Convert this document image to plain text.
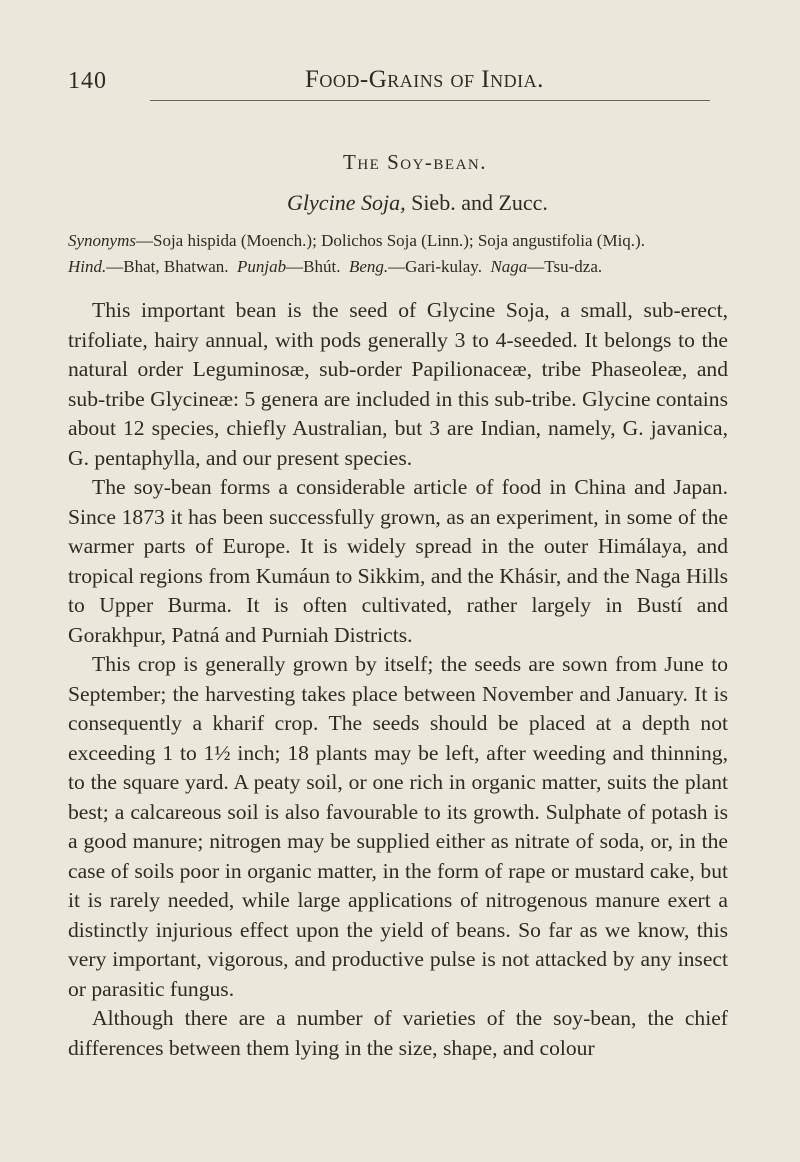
140	Food-Grains of India.
The Soy-bean.
Glycine Soja, Sieb. and Zucc.
Synonyms—Soja hispida (Moench.); Dolichos Soja (Linn.); Soja angustifolia (Miq.).
Hind.—Bhat, Bhatwan. Punjab—Bhút. Beng.—Gari-kulay. Naga—Tsu-dza.

This important bean is the seed of Glycine Soja, a small, sub-erect, trifoliate, hairy annual, with pods generally 3 to 4-seeded. It belongs to the natural order Leguminosæ, sub-order Papilionaceæ, tribe Phaseoleæ, and sub-tribe Glycineæ: 5 genera are included in this sub-tribe. Glycine contains about 12 species, chiefly Australian, but 3 are Indian, namely, G. javanica, G. pentaphylla, and our present species.

The soy-bean forms a considerable article of food in China and Japan. Since 1873 it has been successfully grown, as an experiment, in some of the warmer parts of Europe. It is widely spread in the outer Himálaya, and tropical regions from Kumáun to Sikkim, and the Khásir, and the Naga Hills to Upper Burma. It is often cultivated, rather largely in Bustí and Gorakhpur, Patná and Purniah Districts.

This crop is generally grown by itself; the seeds are sown from June to September; the harvesting takes place between November and January. It is consequently a kharif crop. The seeds should be placed at a depth not exceeding 1 to 1½ inch; 18 plants may be left, after weeding and thinning, to the square yard. A peaty soil, or one rich in organic matter, suits the plant best; a calcareous soil is also favourable to its growth. Sulphate of potash is a good manure; nitrogen may be supplied either as nitrate of soda, or, in the case of soils poor in organic matter, in the form of rape or mustard cake, but it is rarely needed, while large applications of nitrogenous manure exert a distinctly injurious effect upon the yield of beans. So far as we know, this very important, vigorous, and productive pulse is not attacked by any insect or parasitic fungus.

Although there are a number of varieties of the soy-bean, the chief differences between them lying in the size, shape, and colour
